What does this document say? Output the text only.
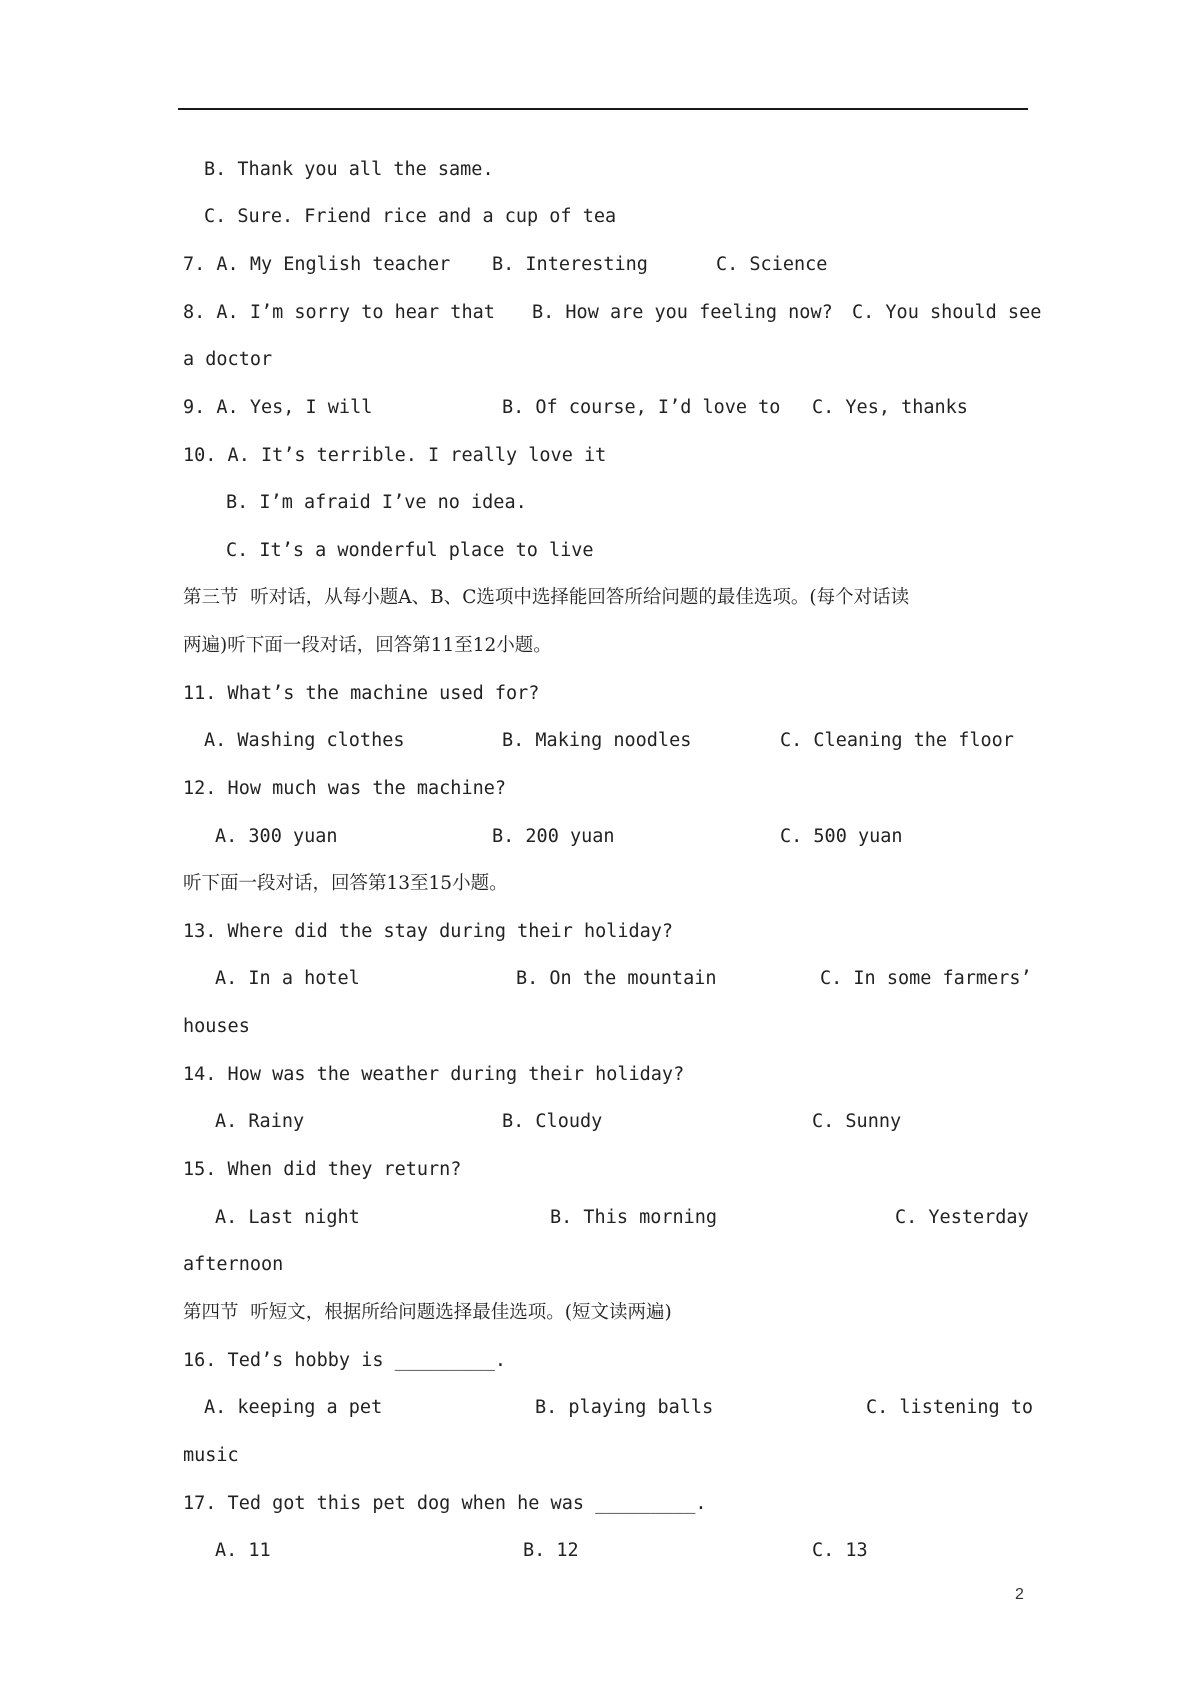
B. Thank you all the same.

C. Sure. Friend rice and a cup of tea

7. A. My English teacher

B. Interesting

	C. Science

8. A. I’m sorry to hear that

B. How are you feeling now?

C. You should see

a doctor

9. A. Yes, I will

	B. Of course, I’d love to

C. Yes, thanks

10. A. It’s terrible. I really love it

B. I’m afraid I’ve no idea.

C. It’s a wonderful place to live

第三节  听对话，从每小题A、B、C选项中选择能回答所给问题的最佳选项。(每个对话读

两遍)听下面一段对话，回答第11至12小题。

11. What’s the machine used for?

A. Washing clothes

	B. Making noodles

	C. Cleaning the floor

12. How much was the machine?

A. 300 yuan

	B. 200 yuan

	C. 500 yuan

听下面一段对话，回答第13至15小题。

13. Where did the stay during their holiday?

A. In a hotel

	B. On the mountain

	C. In some farmers’

houses

14. How was the weather during their holiday?

A. Rainy

	B. Cloudy

	C. Sunny

15. When did they return?

A. Last night

	B. This morning

	C. Yesterday

afternoon

第四节  听短文，根据所给问题选择最佳选项。(短文读两遍)

16. Ted’s hobby is _________.

A. keeping a pet

	B. playing balls

	C. listening to

music

17. Ted got this pet dog when he was _________.

A. 11

	B. 12

	C. 13

2
